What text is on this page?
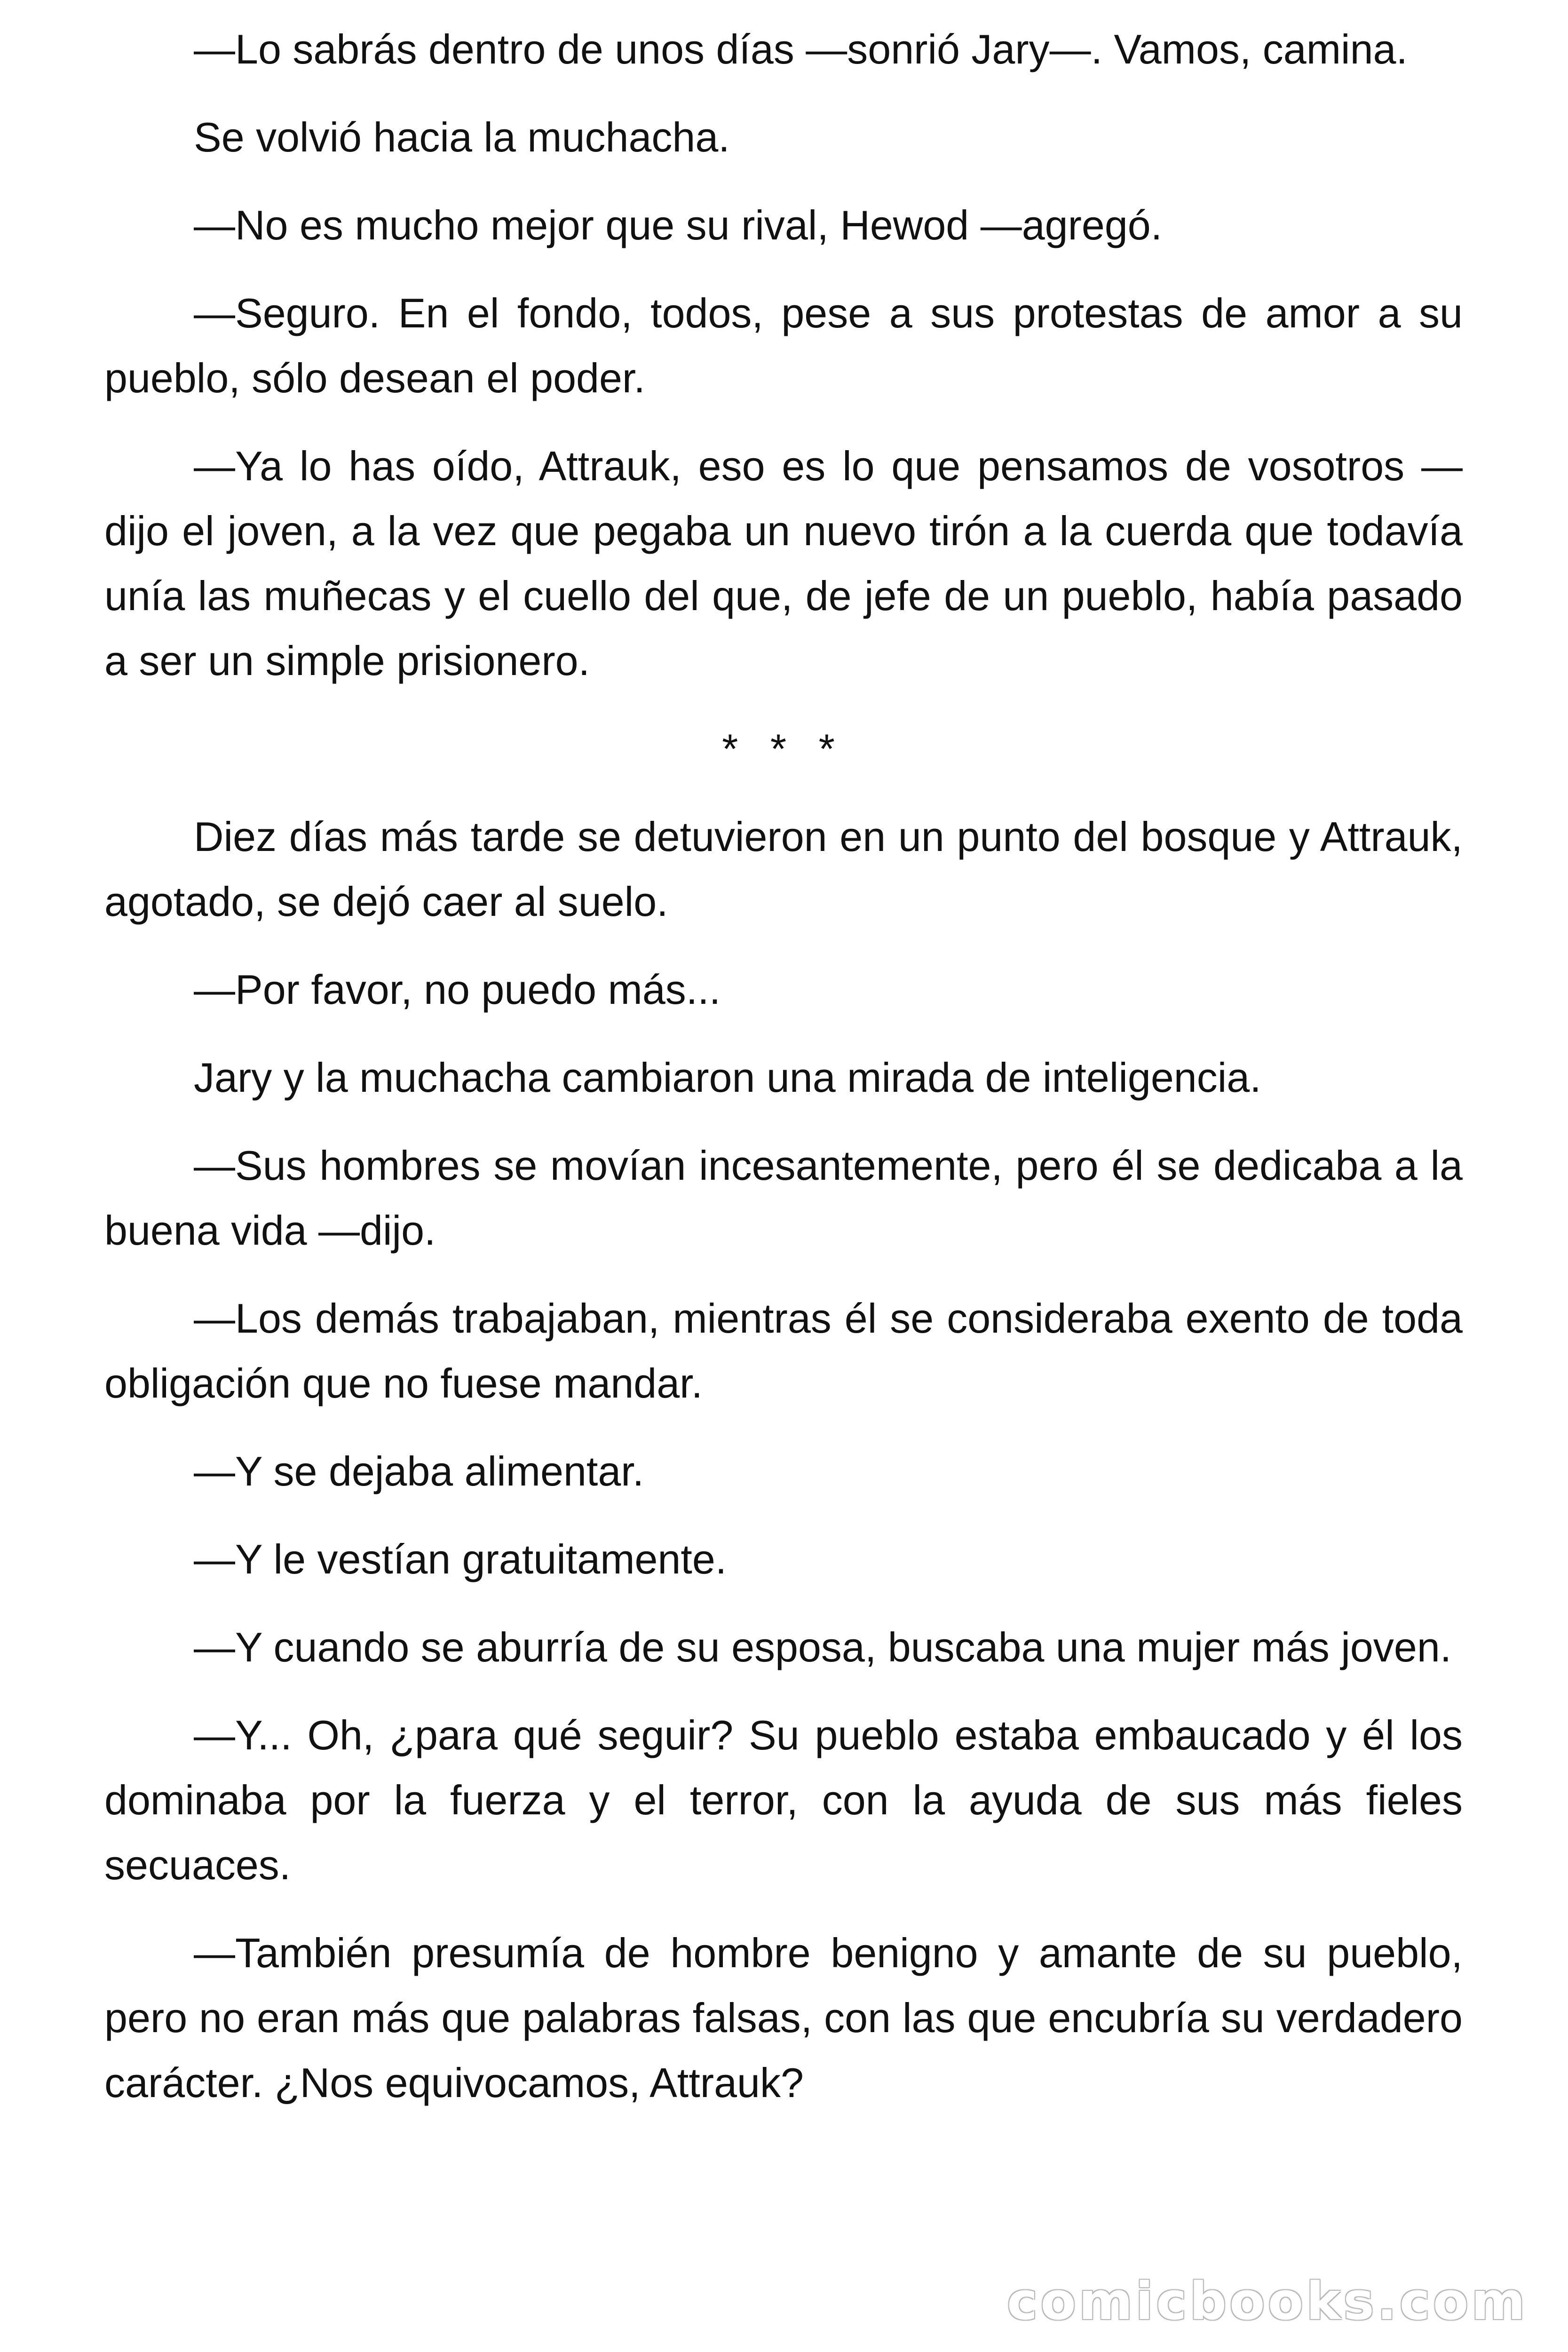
—Lo sabrás dentro de unos días —sonrió Jary—. Vamos, camina.

Se volvió hacia la muchacha.

—No es mucho mejor que su rival, Hewod —agregó.

—Seguro. En el fondo, todos, pese a sus protestas de amor a su pueblo, sólo desean el poder.

—Ya lo has oído, Attrauk, eso es lo que pensamos de vosotros —dijo el joven, a la vez que pegaba un nuevo tirón a la cuerda que todavía unía las muñecas y el cuello del que, de jefe de un pueblo, había pasado a ser un simple prisionero.

* * *

Diez días más tarde se detuvieron en un punto del bosque y Attrauk, agotado, se dejó caer al suelo.

—Por favor, no puedo más...

Jary y la muchacha cambiaron una mirada de inteligencia.

—Sus hombres se movían incesantemente, pero él se dedicaba a la buena vida —dijo.

—Los demás trabajaban, mientras él se consideraba exento de toda obligación que no fuese mandar.

—Y se dejaba alimentar.

—Y le vestían gratuitamente.

—Y cuando se aburría de su esposa, buscaba una mujer más joven.

—Y... Oh, ¿para qué seguir? Su pueblo estaba embaucado y él los dominaba por la fuerza y el terror, con la ayuda de sus más fieles secuaces.

—También presumía de hombre benigno y amante de su pueblo, pero no eran más que palabras falsas, con las que encubría su verdadero carácter. ¿Nos equivocamos, Attrauk?

comicbooks.com
